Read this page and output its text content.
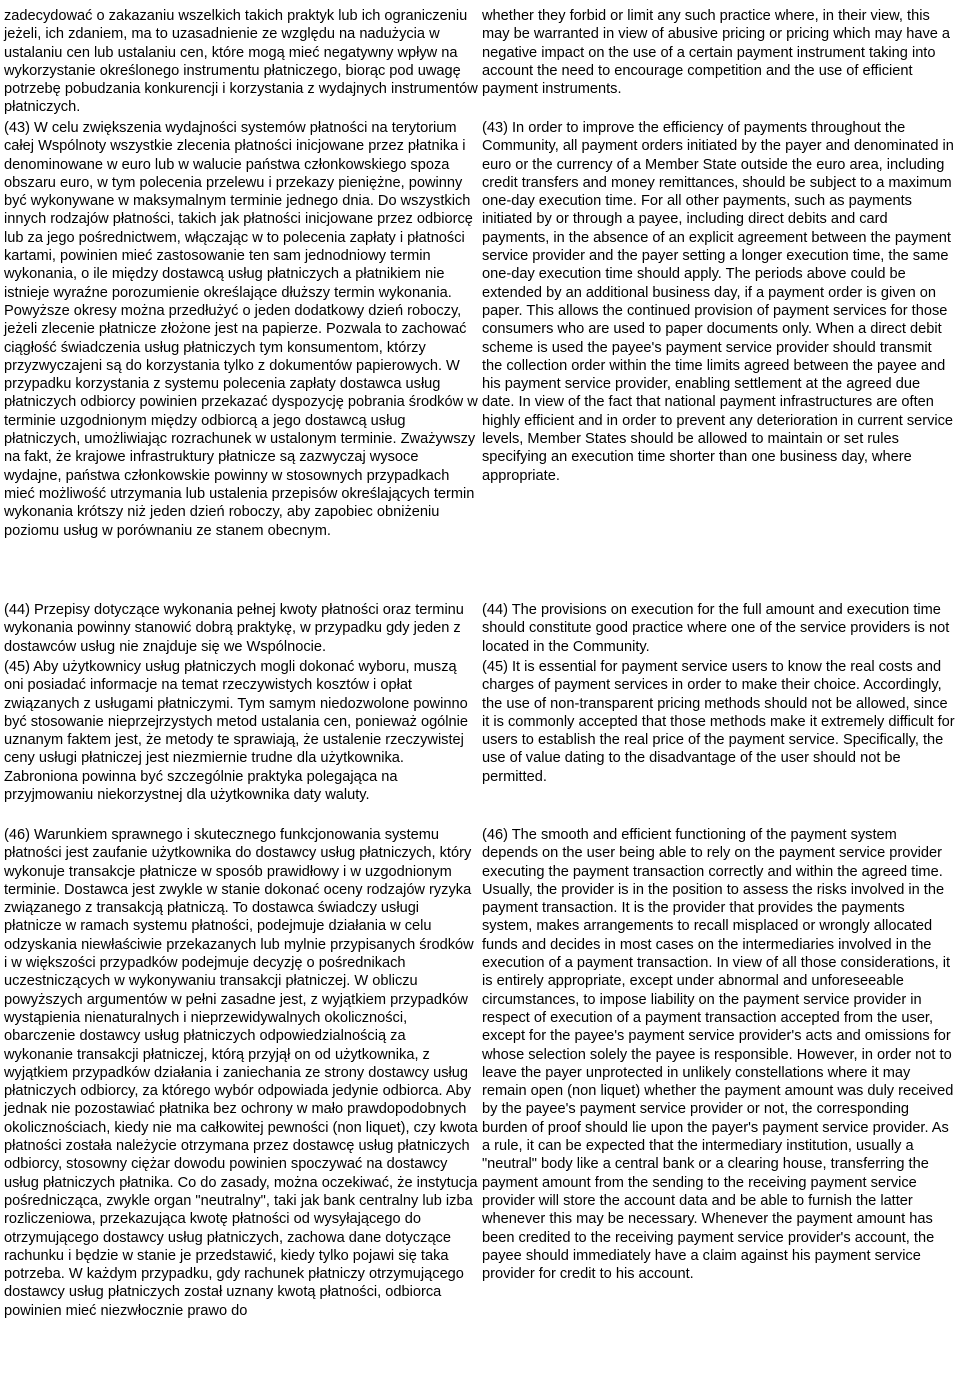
zadecydować o zakazaniu wszelkich takich praktyk lub ich ograniczeniu jeżeli, ich zdaniem, ma to uzasadnienie ze względu na nadużycia w ustalaniu cen lub ustalaniu cen, które mogą mieć negatywny wpływ na wykorzystanie określonego instrumentu płatniczego, biorąc pod uwagę potrzebę pobudzania konkurencji i korzystania z wydajnych instrumentów płatniczych.

whether they forbid or limit any such practice where, in their view, this may be warranted in view of abusive pricing or pricing which may have a negative impact on the use of a certain payment instrument taking into account the need to encourage competition and the use of efficient payment instruments.

(43) W celu zwiększenia wydajności systemów płatności na terytorium całej Wspólnoty wszystkie zlecenia płatności inicjowane przez płatnika i denominowane w euro lub w walucie państwa członkowskiego spoza obszaru euro, w tym polecenia przelewu i przekazy pieniężne, powinny być wykonywane w maksymalnym terminie jednego dnia. Do wszystkich innych rodzajów płatności, takich jak płatności inicjowane przez odbiorcę lub za jego pośrednictwem, włączając w to polecenia zapłaty i płatności kartami, powinien mieć zastosowanie ten sam jednodniowy termin wykonania, o ile między dostawcą usług płatniczych a płatnikiem nie istnieje wyraźne porozumienie określające dłuższy termin wykonania. Powyższe okresy można przedłużyć o jeden dodatkowy dzień roboczy, jeżeli zlecenie płatnicze złożone jest na papierze. Pozwala to zachować ciągłość świadczenia usług płatniczych tym konsumentom, którzy przyzwyczajeni są do korzystania tylko z dokumentów papierowych. W przypadku korzystania z systemu polecenia zapłaty dostawca usług płatniczych odbiorcy powinien przekazać dyspozycję pobrania środków w terminie uzgodnionym między odbiorcą a jego dostawcą usług płatniczych, umożliwiając rozrachunek w ustalonym terminie. Zważywszy na fakt, że krajowe infrastruktury płatnicze są zazwyczaj wysoce wydajne, państwa członkowskie powinny w stosownych przypadkach mieć możliwość utrzymania lub ustalenia przepisów określających termin wykonania krótszy niż jeden dzień roboczy, aby zapobiec obniżeniu poziomu usług w porównaniu ze stanem obecnym.

(43) In order to improve the efficiency of payments throughout the Community, all payment orders initiated by the payer and denominated in euro or the currency of a Member State outside the euro area, including credit transfers and money remittances, should be subject to a maximum one-day execution time. For all other payments, such as payments initiated by or through a payee, including direct debits and card payments, in the absence of an explicit agreement between the payment service provider and the payer setting a longer execution time, the same one-day execution time should apply. The periods above could be extended by an additional business day, if a payment order is given on paper. This allows the continued provision of payment services for those consumers who are used to paper documents only. When a direct debit scheme is used the payee's payment service provider should transmit the collection order within the time limits agreed between the payee and his payment service provider, enabling settlement at the agreed due date. In view of the fact that national payment infrastructures are often highly efficient and in order to prevent any deterioration in current service levels, Member States should be allowed to maintain or set rules specifying an execution time shorter than one business day, where appropriate.

(44) Przepisy dotyczące wykonania pełnej kwoty płatności oraz terminu wykonania powinny stanowić dobrą praktykę, w przypadku gdy jeden z dostawców usług nie znajduje się we Wspólnocie.

(44) The provisions on execution for the full amount and execution time should constitute good practice where one of the service providers is not located in the Community.

(45) Aby użytkownicy usług płatniczych mogli dokonać wyboru, muszą oni posiadać informacje na temat rzeczywistych kosztów i opłat związanych z usługami płatniczymi. Tym samym niedozwolone powinno być stosowanie nieprzejrzystych metod ustalania cen, ponieważ ogólnie uznanym faktem jest, że metody te sprawiają, że ustalenie rzeczywistej ceny usługi płatniczej jest niezmiernie trudne dla użytkownika. Zabroniona powinna być szczególnie praktyka polegająca na przyjmowaniu niekorzystnej dla użytkownika daty waluty.

(45) It is essential for payment service users to know the real costs and charges of payment services in order to make their choice. Accordingly, the use of non-transparent pricing methods should not be allowed, since it is commonly accepted that those methods make it extremely difficult for users to establish the real price of the payment service. Specifically, the use of value dating to the disadvantage of the user should not be permitted.

(46) Warunkiem sprawnego i skutecznego funkcjonowania systemu płatności jest zaufanie użytkownika do dostawcy usług płatniczych, który wykonuje transakcje płatnicze w sposób prawidłowy i w uzgodnionym terminie. Dostawca jest zwykle w stanie dokonać oceny rodzajów ryzyka związanego z transakcją płatniczą. To dostawca świadczy usługi płatnicze w ramach systemu płatności, podejmuje działania w celu odzyskania niewłaściwie przekazanych lub mylnie przypisanych środków i w większości przypadków podejmuje decyzję o pośrednikach uczestniczących w wykonywaniu transakcji płatniczej. W obliczu powyższych argumentów w pełni zasadne jest, z wyjątkiem przypadków wystąpienia nienaturalnych i nieprzewidywalnych okoliczności, obarczenie dostawcy usług płatniczych odpowiedzialnością za wykonanie transakcji płatniczej, którą przyjął on od użytkownika, z wyjątkiem przypadków działania i zaniechania ze strony dostawcy usług płatniczych odbiorcy, za którego wybór odpowiada jedynie odbiorca. Aby jednak nie pozostawiać płatnika bez ochrony w mało prawdopodobnych okolicznościach, kiedy nie ma całkowitej pewności (non liquet), czy kwota płatności została należycie otrzymana przez dostawcę usług płatniczych odbiorcy, stosowny ciężar dowodu powinien spoczywać na dostawcy usług płatniczych płatnika. Co do zasady, można oczekiwać, że instytucja pośrednicząca, zwykle organ "neutralny", taki jak bank centralny lub izba rozliczeniowa, przekazująca kwotę płatności od wysyłającego do otrzymującego dostawcy usług płatniczych, zachowa dane dotyczące rachunku i będzie w stanie je przedstawić, kiedy tylko pojawi się taka potrzeba. W każdym przypadku, gdy rachunek płatniczy otrzymującego dostawcy usług płatniczych został uznany kwotą płatności, odbiorca powinien mieć niezwłocznie prawo do

(46) The smooth and efficient functioning of the payment system depends on the user being able to rely on the payment service provider executing the payment transaction correctly and within the agreed time. Usually, the provider is in the position to assess the risks involved in the payment transaction. It is the provider that provides the payments system, makes arrangements to recall misplaced or wrongly allocated funds and decides in most cases on the intermediaries involved in the execution of a payment transaction. In view of all those considerations, it is entirely appropriate, except under abnormal and unforeseeable circumstances, to impose liability on the payment service provider in respect of execution of a payment transaction accepted from the user, except for the payee's payment service provider's acts and omissions for whose selection solely the payee is responsible. However, in order not to leave the payer unprotected in unlikely constellations where it may remain open (non liquet) whether the payment amount was duly received by the payee's payment service provider or not, the corresponding burden of proof should lie upon the payer's payment service provider. As a rule, it can be expected that the intermediary institution, usually a "neutral" body like a central bank or a clearing house, transferring the payment amount from the sending to the receiving payment service provider will store the account data and be able to furnish the latter whenever this may be necessary. Whenever the payment amount has been credited to the receiving payment service provider's account, the payee should immediately have a claim against his payment service provider for credit to his account.
